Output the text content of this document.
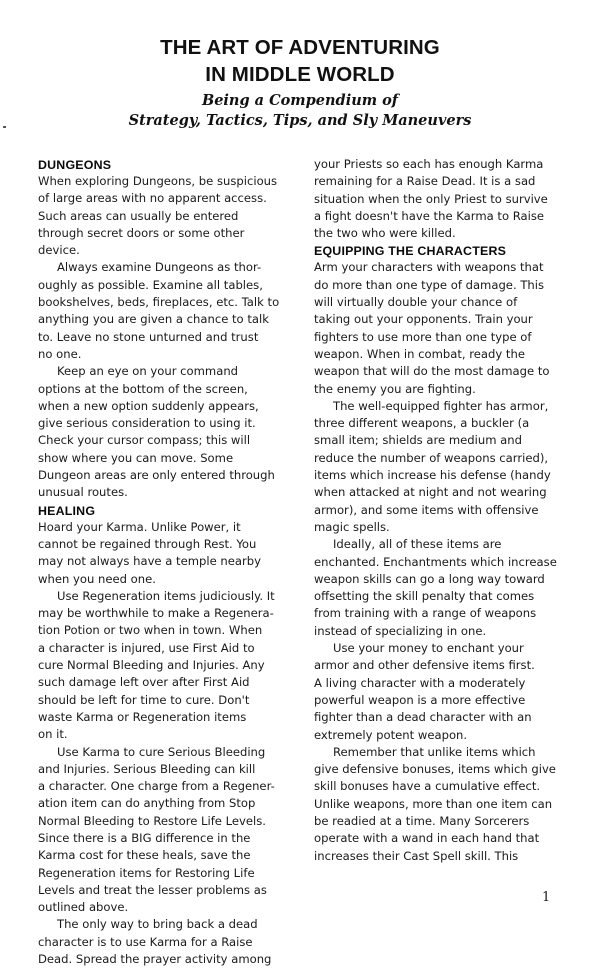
THE ART OF ADVENTURING
IN MIDDLE WORLD
Being a Compendium of
Strategy, Tactics, Tips, and Sly Maneuvers
DUNGEONS
When exploring Dungeons, be suspicious
of large areas with no apparent access.
Such areas can usually be entered
through secret doors or some other
device.
Always examine Dungeons as thor-
oughly as possible. Examine all tables,
bookshelves, beds, fireplaces, etc. Talk to
anything you are given a chance to talk
to. Leave no stone unturned and trust
no one.
Keep an eye on your command
options at the bottom of the screen,
when a new option suddenly appears,
give serious consideration to using it.
Check your cursor compass; this will
show where you can move. Some
Dungeon areas are only entered through
unusual routes.
HEALING
Hoard your Karma. Unlike Power, it
cannot be regained through Rest. You
may not always have a temple nearby
when you need one.
Use Regeneration items judiciously. It
may be worthwhile to make a Regenera-
tion Potion or two when in town. When
a character is injured, use First Aid to
cure Normal Bleeding and Injuries. Any
such damage left over after First Aid
should be left for time to cure. Don't
waste Karma or Regeneration items
on it.
Use Karma to cure Serious Bleeding
and Injuries. Serious Bleeding can kill
a character. One charge from a Regener-
ation item can do anything from Stop
Normal Bleeding to Restore Life Levels.
Since there is a BIG difference in the
Karma cost for these heals, save the
Regeneration items for Restoring Life
Levels and treat the lesser problems as
outlined above.
The only way to bring back a dead
character is to use Karma for a Raise
Dead. Spread the prayer activity among
your Priests so each has enough Karma
remaining for a Raise Dead. It is a sad
situation when the only Priest to survive
a fight doesn't have the Karma to Raise
the two who were killed.
EQUIPPING THE CHARACTERS
Arm your characters with weapons that
do more than one type of damage. This
will virtually double your chance of
taking out your opponents. Train your
fighters to use more than one type of
weapon. When in combat, ready the
weapon that will do the most damage to
the enemy you are fighting.
The well-equipped fighter has armor,
three different weapons, a buckler (a
small item; shields are medium and
reduce the number of weapons carried),
items which increase his defense (handy
when attacked at night and not wearing
armor), and some items with offensive
magic spells.
Ideally, all of these items are
enchanted. Enchantments which increase
weapon skills can go a long way toward
offsetting the skill penalty that comes
from training with a range of weapons
instead of specializing in one.
Use your money to enchant your
armor and other defensive items first.
A living character with a moderately
powerful weapon is a more effective
fighter than a dead character with an
extremely potent weapon.
Remember that unlike items which
give defensive bonuses, items which give
skill bonuses have a cumulative effect.
Unlike weapons, more than one item can
be readied at a time. Many Sorcerers
operate with a wand in each hand that
increases their Cast Spell skill. This
1
